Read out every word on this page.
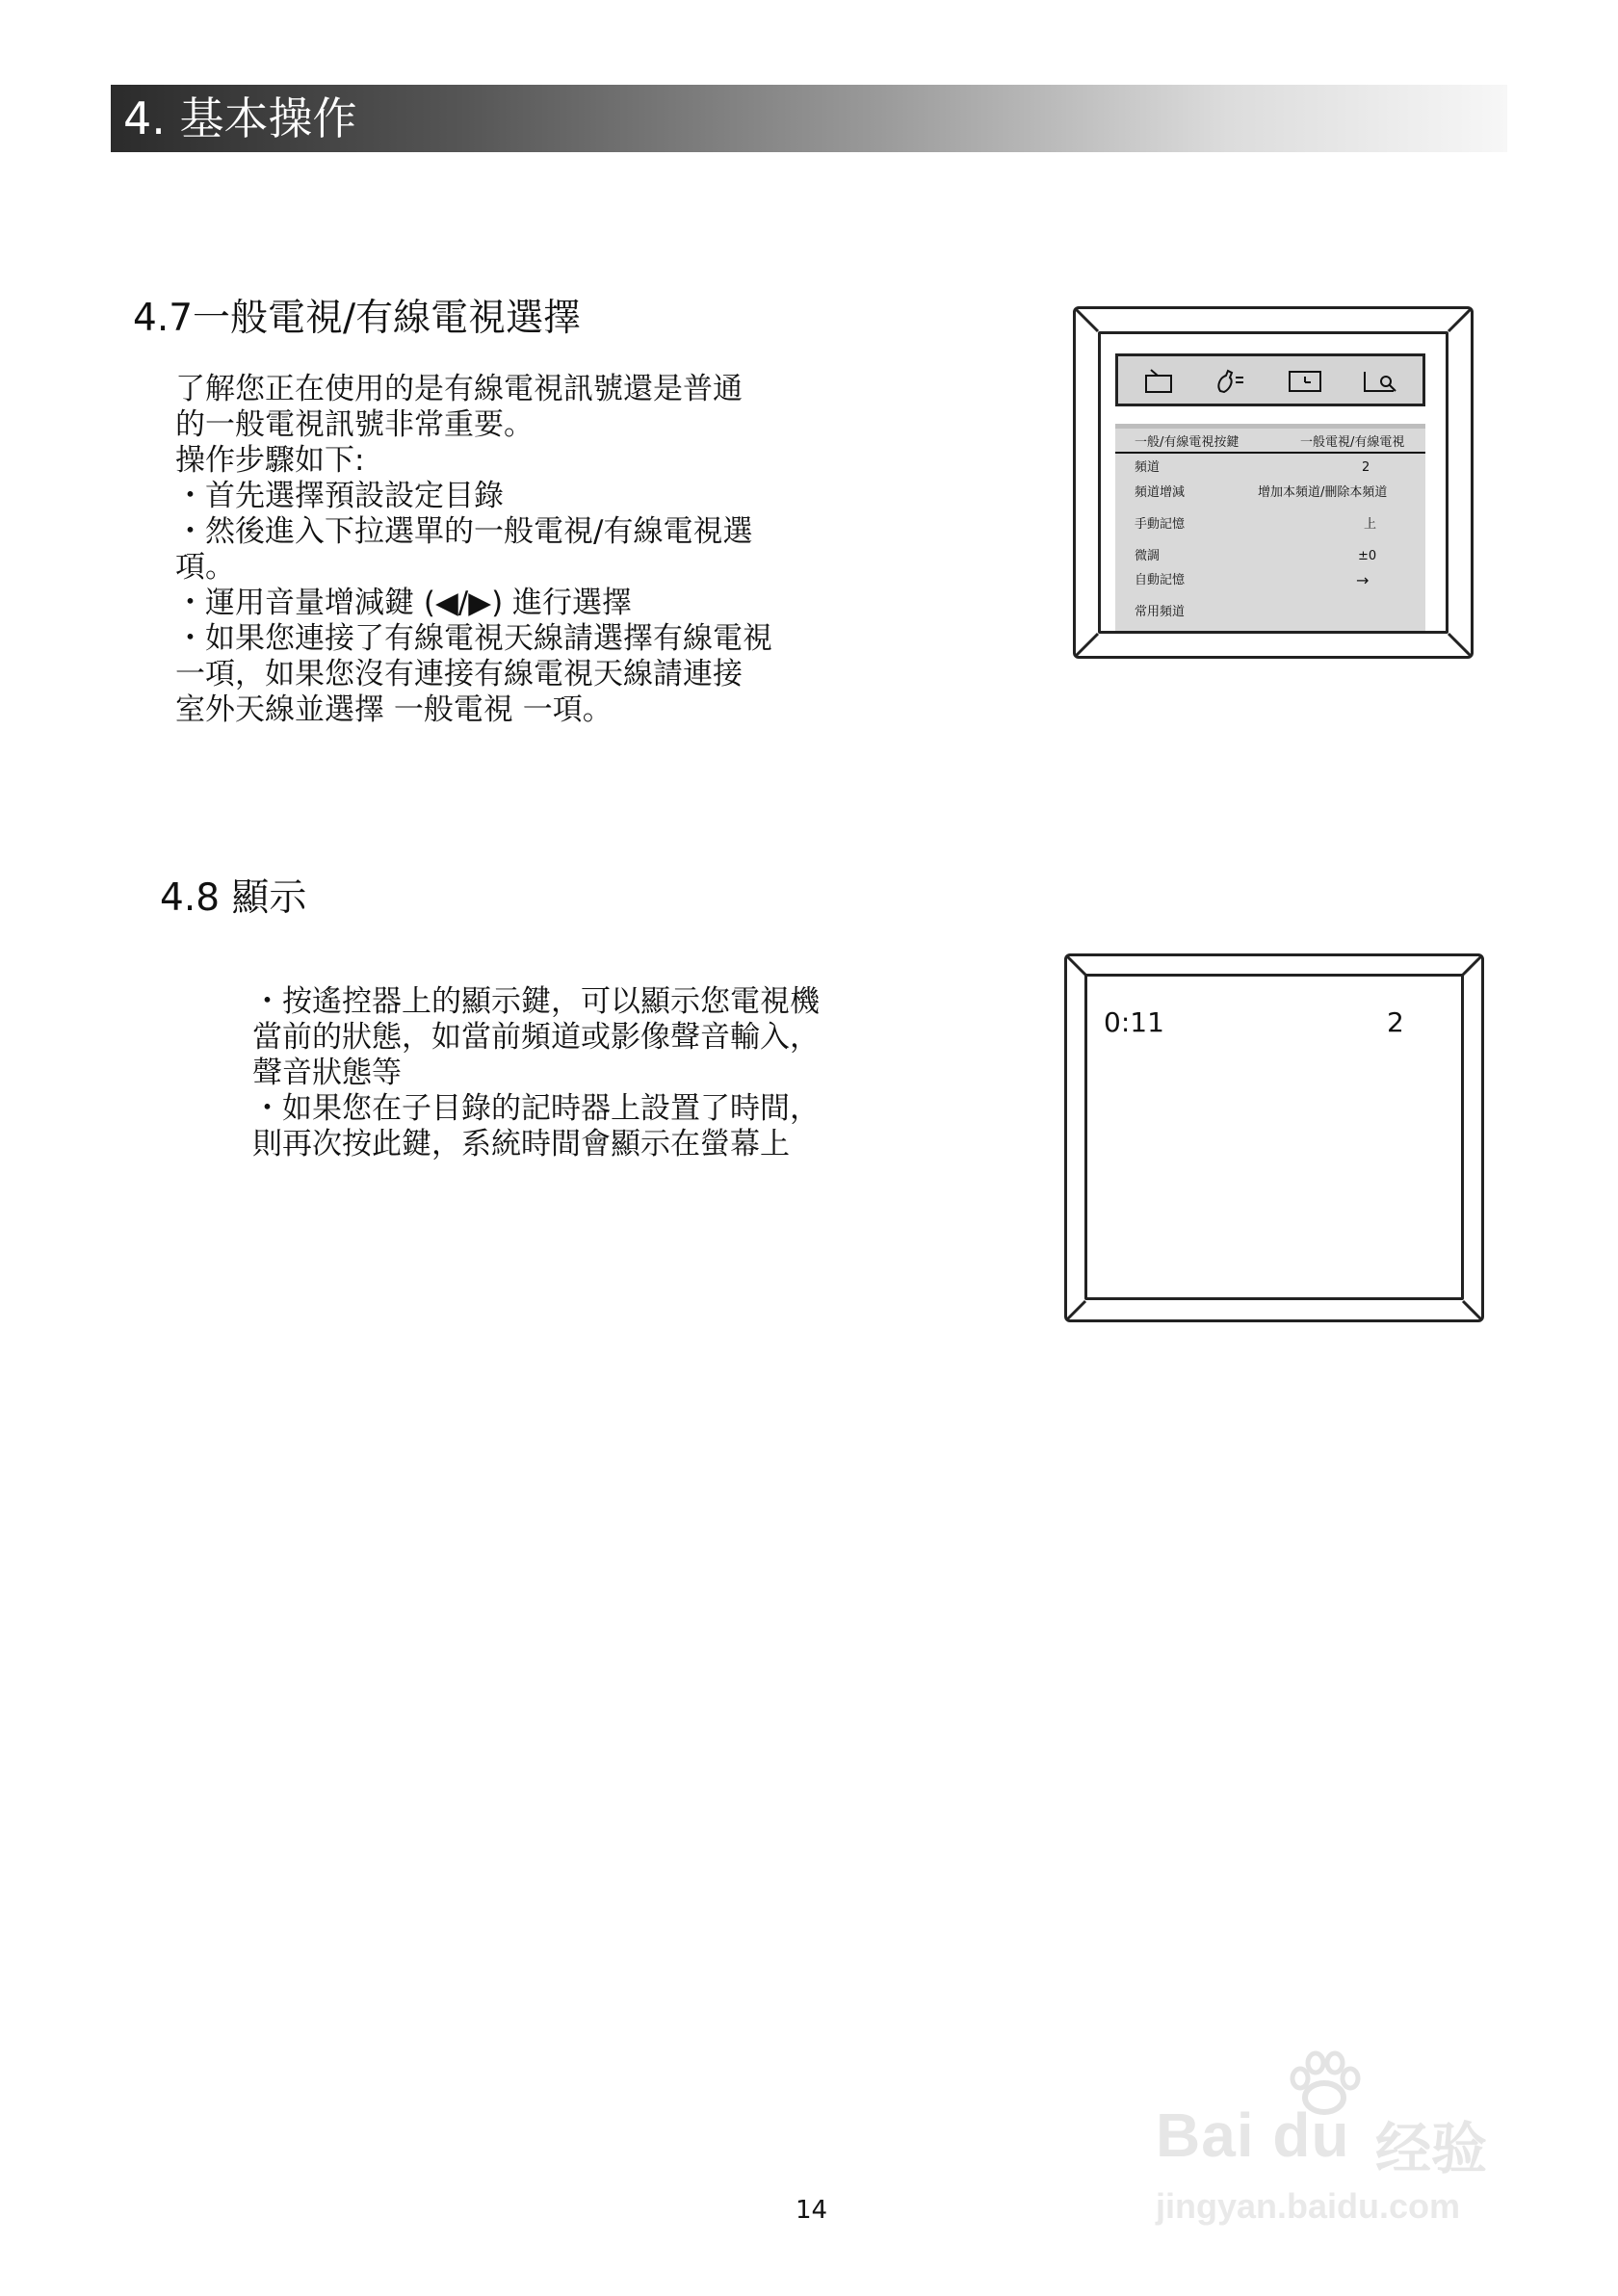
4. 基本操作
4.7一般電視/有線電視選擇
了解您正在使用的是有線電視訊號還是普通
的一般電視訊號非常重要。
操作步驟如下:
・首先選擇預設設定目錄
・然後進入下拉選單的一般電視/有線電視選
項。
・運用音量增減鍵 (◀/▶) 進行選擇
・如果您連接了有線電視天線請選擇有線電視
一項，如果您沒有連接有線電視天線請連接
室外天線並選擇 一般電視 一項。
一般/有線電視按鍵	一般電視/有線電視
頻道	2
頻道增減	增加本頻道/刪除本頻道
手動記憶	上
微調	±0
自動記憶	→
常用頻道
4.8 顯示
・按遙控器上的顯示鍵，可以顯示您電視機
當前的狀態，如當前頻道或影像聲音輸入，
聲音狀態等
・如果您在子目錄的記時器上設置了時間，
則再次按此鍵，系統時間會顯示在螢幕上
0:11	2
14
Bai du 经验
jingyan.baidu.com
